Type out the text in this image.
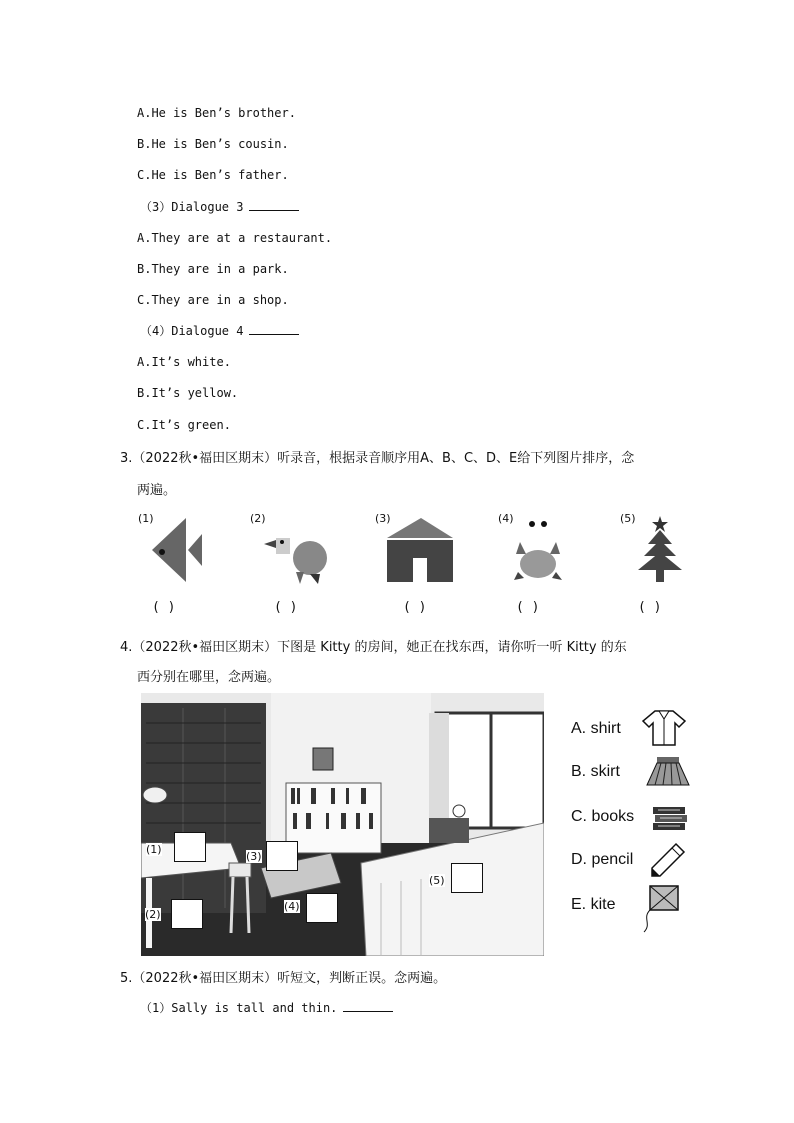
A.He is Ben’s brother.
B.He is Ben’s cousin.
C.He is Ben’s father.
（3）Dialogue 3
A.They are at a restaurant.
B.They are in a park.
C.They are in a shop.
（4）Dialogue 4
A.It’s white.
B.It’s yellow.
C.It’s green.
3.（2022秋•福田区期末）听录音，根据录音顺序用A、B、C、D、E给下列图片排序，念
两遍。
(1)
( )
(2)
( )
(3)
( )
(4)
( )
(5)
( )
4.（2022秋•福田区期末）下图是 Kitty 的房间，她正在找东西，请你听一听 Kitty 的东
西分别在哪里，念两遍。
(1)
(2)
(3)
(4)
(5)
A. shirt
B. skirt
C. books
D. pencil
E. kite
5.（2022秋•福田区期末）听短文，判断正误。念两遍。
（1）Sally is tall and thin.
